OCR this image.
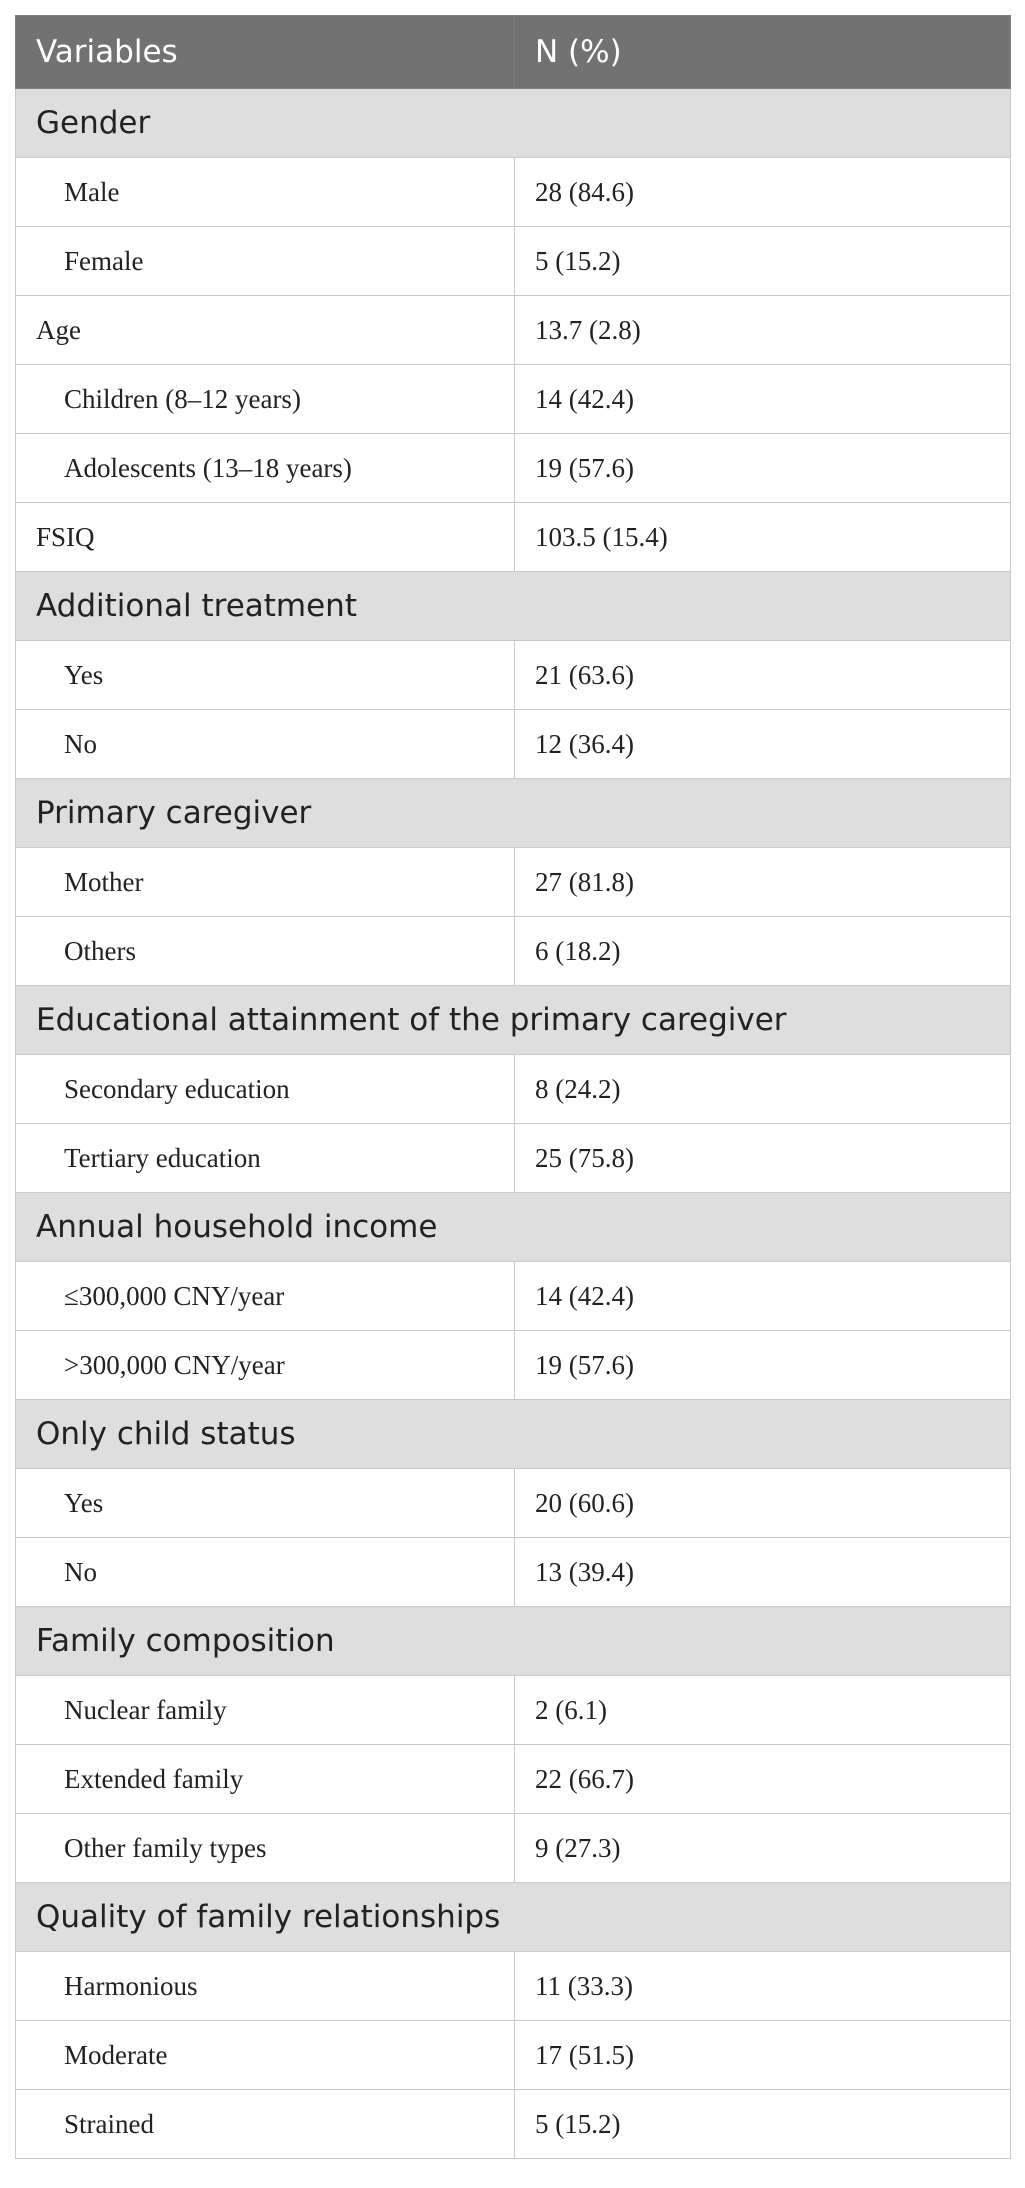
Variables	N (%)
Gender	
Male	28 (84.6)
Female	5 (15.2)
Age	13.7 (2.8)
Children (8–12 years)	14 (42.4)
Adolescents (13–18 years)	19 (57.6)
FSIQ	103.5 (15.4)
Additional treatment	
Yes	21 (63.6)
No	12 (36.4)
Primary caregiver	
Mother	27 (81.8)
Others	6 (18.2)
Educational attainment of the primary caregiver	
Secondary education	8 (24.2)
Tertiary education	25 (75.8)
Annual household income	
≤300,000 CNY/year	14 (42.4)
>300,000 CNY/year	19 (57.6)
Only child status	
Yes	20 (60.6)
No	13 (39.4)
Family composition	
Nuclear family	2 (6.1)
Extended family	22 (66.7)
Other family types	9 (27.3)
Quality of family relationships	
Harmonious	11 (33.3)
Moderate	17 (51.5)
Strained	5 (15.2)
